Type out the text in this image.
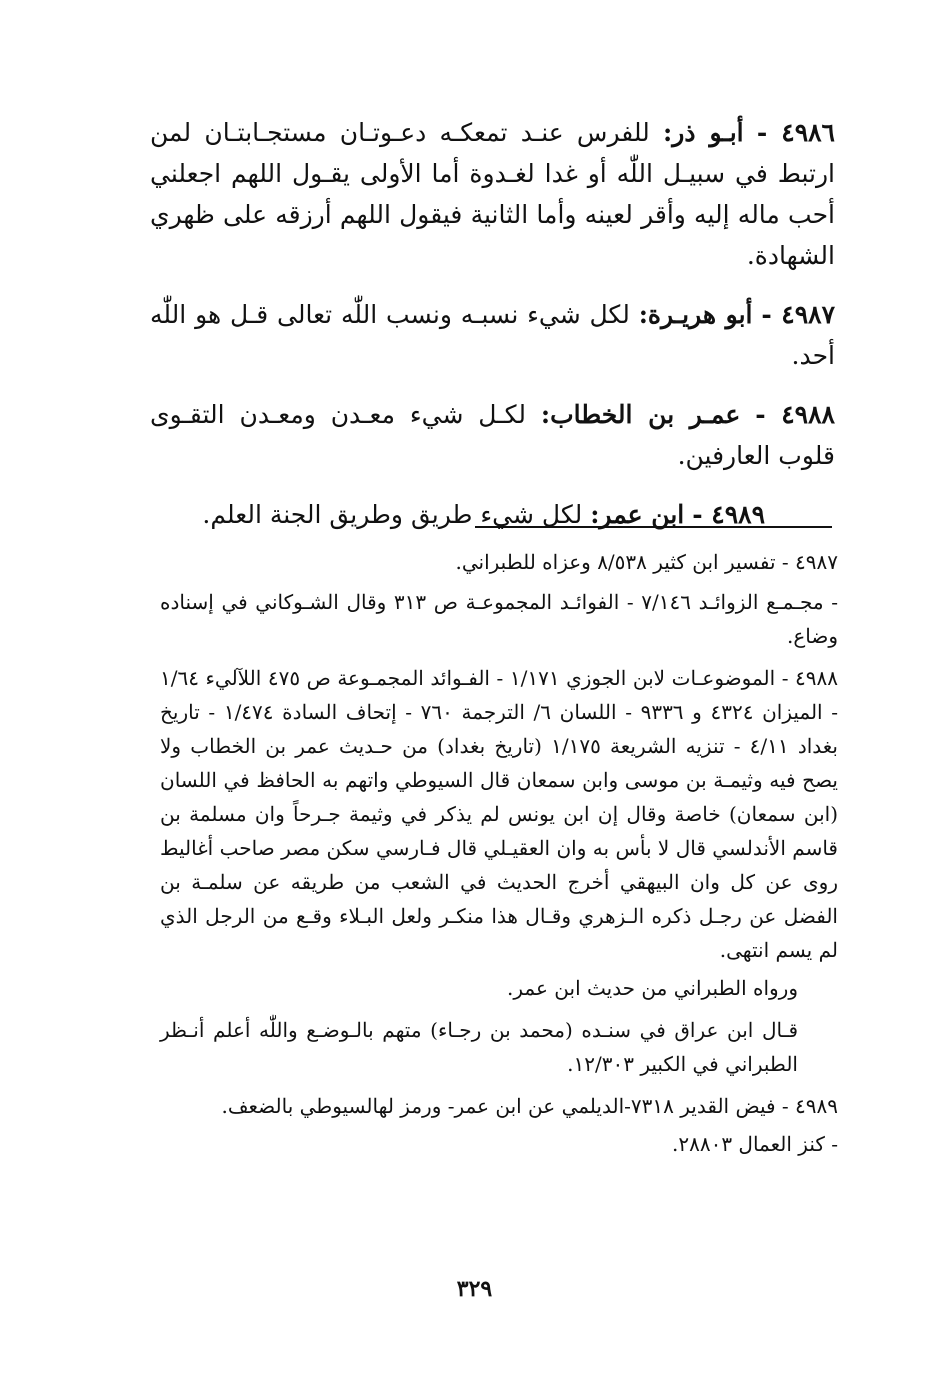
٤٩٨٦ - أبـو ذر: للفرس عنـد تمعكـه دعـوتـان مستجـابتـان لمن ارتبط في سبيـل اللّٰه أو غدا لغـدوة أما الأولى يقـول اللهم اجعلني أحب ماله إليه وأقر لعينه وأما الثانية فيقول اللهم أرزقه على ظهري الشهادة.

٤٩٨٧ - أبو هريـرة: لكل شيء نسبـه ونسب اللّٰه تعالى قـل هو اللّٰه أحد.

٤٩٨٨ - عمـر بن الخطاب: لكـل شيء معـدن ومعـدن التقـوى قلوب العارفين.

٤٩٨٩ - ابن عمر: لكل شيء طريق وطريق الجنة العلم.

٤٩٨٧ - تفسير ابن كثير ٨/٥٣٨ وعزاه للطبراني.

- مجـمـع الزوائـد ٧/١٤٦ - الفوائـد المجموعـة ص ٣١٣ وقال الشـوكاني في إسناده وضاع.

٤٩٨٨ - الموضوعـات لابن الجوزي ١/١٧١ - الفـوائد المجمـوعة ص ٤٧٥ اللآليء ١/٦٤ - الميزان ٤٣٢٤ و ٩٣٣٦ - اللسان ٦/ الترجمة ٧٦٠ - إتحاف السادة ١/٤٧٤ - تاريخ بغداد ٤/١١ - تنزيه الشريعة ١/١٧٥ (تاريخ بغداد) من حـديث عمر بن الخطاب ولا يصح فيه وثيمـة بن موسى وابن سمعان قال السيوطي واتهم به الحافظ في اللسان (ابن سمعان) خاصة وقال إن ابن يونس لم يذكر في وثيمة جـرحاً وان مسلمة بن قاسم الأندلسي قال لا بأس به وان العقيـلي قال فـارسي سكن مصر صاحب أغاليط روى عن كل وان البيهقي أخرج الحديث في الشعب من طريقه عن سلمـة بن الفضل عن رجـل ذكره الـزهري وقـال هذا منكـر ولعل البـلاء وقـع من الرجل الذي لم يسم انتهى.

ورواه الطبراني من حديث ابن عمر.

قـال ابن عراق في سنـده (محمد بن رجـاء) متهم بالـوضـع واللّٰه أعلم أنـظر الطبراني في الكبير ١٢/٣٠٣.

٤٩٨٩ - فيض القدير ٧٣١٨-الديلمي عن ابن عمر- ورمز لهالسيوطي بالضعف.

- كنز العمال ٢٨٨٠٣.

٣٢٩
